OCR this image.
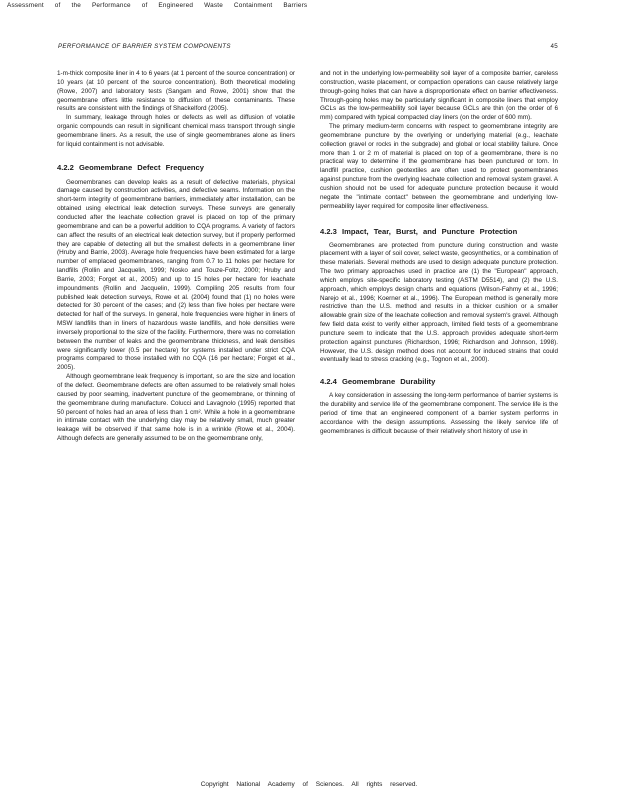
Assessment of the Performance of Engineered Waste Containment Barriers
PERFORMANCE OF BARRIER SYSTEM COMPONENTS	45

1-m-thick composite liner in 4 to 6 years (at 1 percent of the source concentration) or 10 years (at 10 percent of the source concentration). Both theoretical modeling (Rowe, 2007) and laboratory tests (Sangam and Rowe, 2001) show that the geomembrane offers little resistance to diffusion of these contaminants. These results are consistent with the findings of Shackelford (2005).

In summary, leakage through holes or defects as well as diffusion of volatile organic compounds can result in significant chemical mass transport through single geomembrane liners. As a result, the use of single geomembranes alone as liners for liquid containment is not advisable.

4.2.2 Geomembrane Defect Frequency

Geomembranes can develop leaks as a result of defective materials, physical damage caused by construction activities, and defective seams. Information on the short-term integrity of geomembrane barriers, immediately after installation, can be obtained using electrical leak detection surveys. These surveys are generally conducted after the leachate collection gravel is placed on top of the primary geomembrane and can be a powerful addition to CQA programs. A variety of factors can affect the results of an electrical leak detection survey, but if properly performed they are capable of detecting all but the smallest defects in a geomembrane liner (Hruby and Barrie, 2003). Average hole frequencies have been estimated for a large number of emplaced geomembranes, ranging from 0.7 to 11 holes per hectare for landfills (Rollin and Jacquelin, 1999; Nosko and Touze-Foltz, 2000; Hruby and Barrie, 2003; Forget et al., 2005) and up to 15 holes per hectare for leachate impoundments (Rollin and Jacquelin, 1999). Compiling 205 results from four published leak detection surveys, Rowe et al. (2004) found that (1) no holes were detected for 30 percent of the cases; and (2) less than five holes per hectare were detected for half of the surveys. In general, hole frequencies were higher in liners of MSW landfills than in liners of hazardous waste landfills, and hole densities were inversely proportional to the size of the facility. Furthermore, there was no correlation between the number of leaks and the geomembrane thickness, and leak densities were significantly lower (0.5 per hectare) for systems installed under strict CQA programs compared to those installed with no CQA (16 per hectare; Forget et al., 2005).

Although geomembrane leak frequency is important, so are the size and location of the defect. Geomembrane defects are often assumed to be relatively small holes caused by poor seaming, inadvertent puncture of the geomembrane, or thinning of the geomembrane during manufacture. Colucci and Lavagnolo (1995) reported that 50 percent of holes had an area of less than 1 cm². While a hole in a geomembrane in intimate contact with the underlying clay may be relatively small, much greater leakage will be observed if that same hole is in a wrinkle (Rowe et al., 2004). Although defects are generally assumed to be on the geomembrane only,

and not in the underlying low-permeability soil layer of a composite barrier, careless construction, waste placement, or compaction operations can cause relatively large through-going holes that can have a disproportionate effect on barrier effectiveness. Through-going holes may be particularly significant in composite liners that employ GCLs as the low-permeability soil layer because GCLs are thin (on the order of 6 mm) compared with typical compacted clay liners (on the order of 600 mm).

The primary medium-term concerns with respect to geomembrane integrity are geomembrane puncture by the overlying or underlying material (e.g., leachate collection gravel or rocks in the subgrade) and global or local stability failure. Once more than 1 or 2 m of material is placed on top of a geomembrane, there is no practical way to determine if the geomembrane has been punctured or torn. In landfill practice, cushion geotextiles are often used to protect geomembranes against puncture from the overlying leachate collection and removal system gravel. A cushion should not be used for adequate puncture protection because it would negate the "intimate contact" between the geomembrane and underlying low-permeability layer required for composite liner effectiveness.

4.2.3 Impact, Tear, Burst, and Puncture Protection

Geomembranes are protected from puncture during construction and waste placement with a layer of soil cover, select waste, geosynthetics, or a combination of these materials. Several methods are used to design adequate puncture protection. The two primary approaches used in practice are (1) the "European" approach, which employs site-specific laboratory testing (ASTM D5514), and (2) the U.S. approach, which employs design charts and equations (Wilson-Fahmy et al., 1996; Narejo et al., 1996; Koerner et al., 1996). The European method is generally more restrictive than the U.S. method and results in a thicker cushion or a smaller allowable grain size of the leachate collection and removal system's gravel. Although few field data exist to verify either approach, limited field tests of a geomembrane puncture seem to indicate that the U.S. approach provides adequate short-term protection against punctures (Richardson, 1996; Richardson and Johnson, 1998). However, the U.S. design method does not account for induced strains that could eventually lead to stress cracking (e.g., Tognon et al., 2000).

4.2.4 Geomembrane Durability

A key consideration in assessing the long-term performance of barrier systems is the durability and service life of the geomembrane component. The service life is the period of time that an engineered component of a barrier system performs in accordance with the design assumptions. Assessing the likely service life of geomembranes is difficult because of their relatively short history of use in

Copyright National Academy of Sciences. All rights reserved.
